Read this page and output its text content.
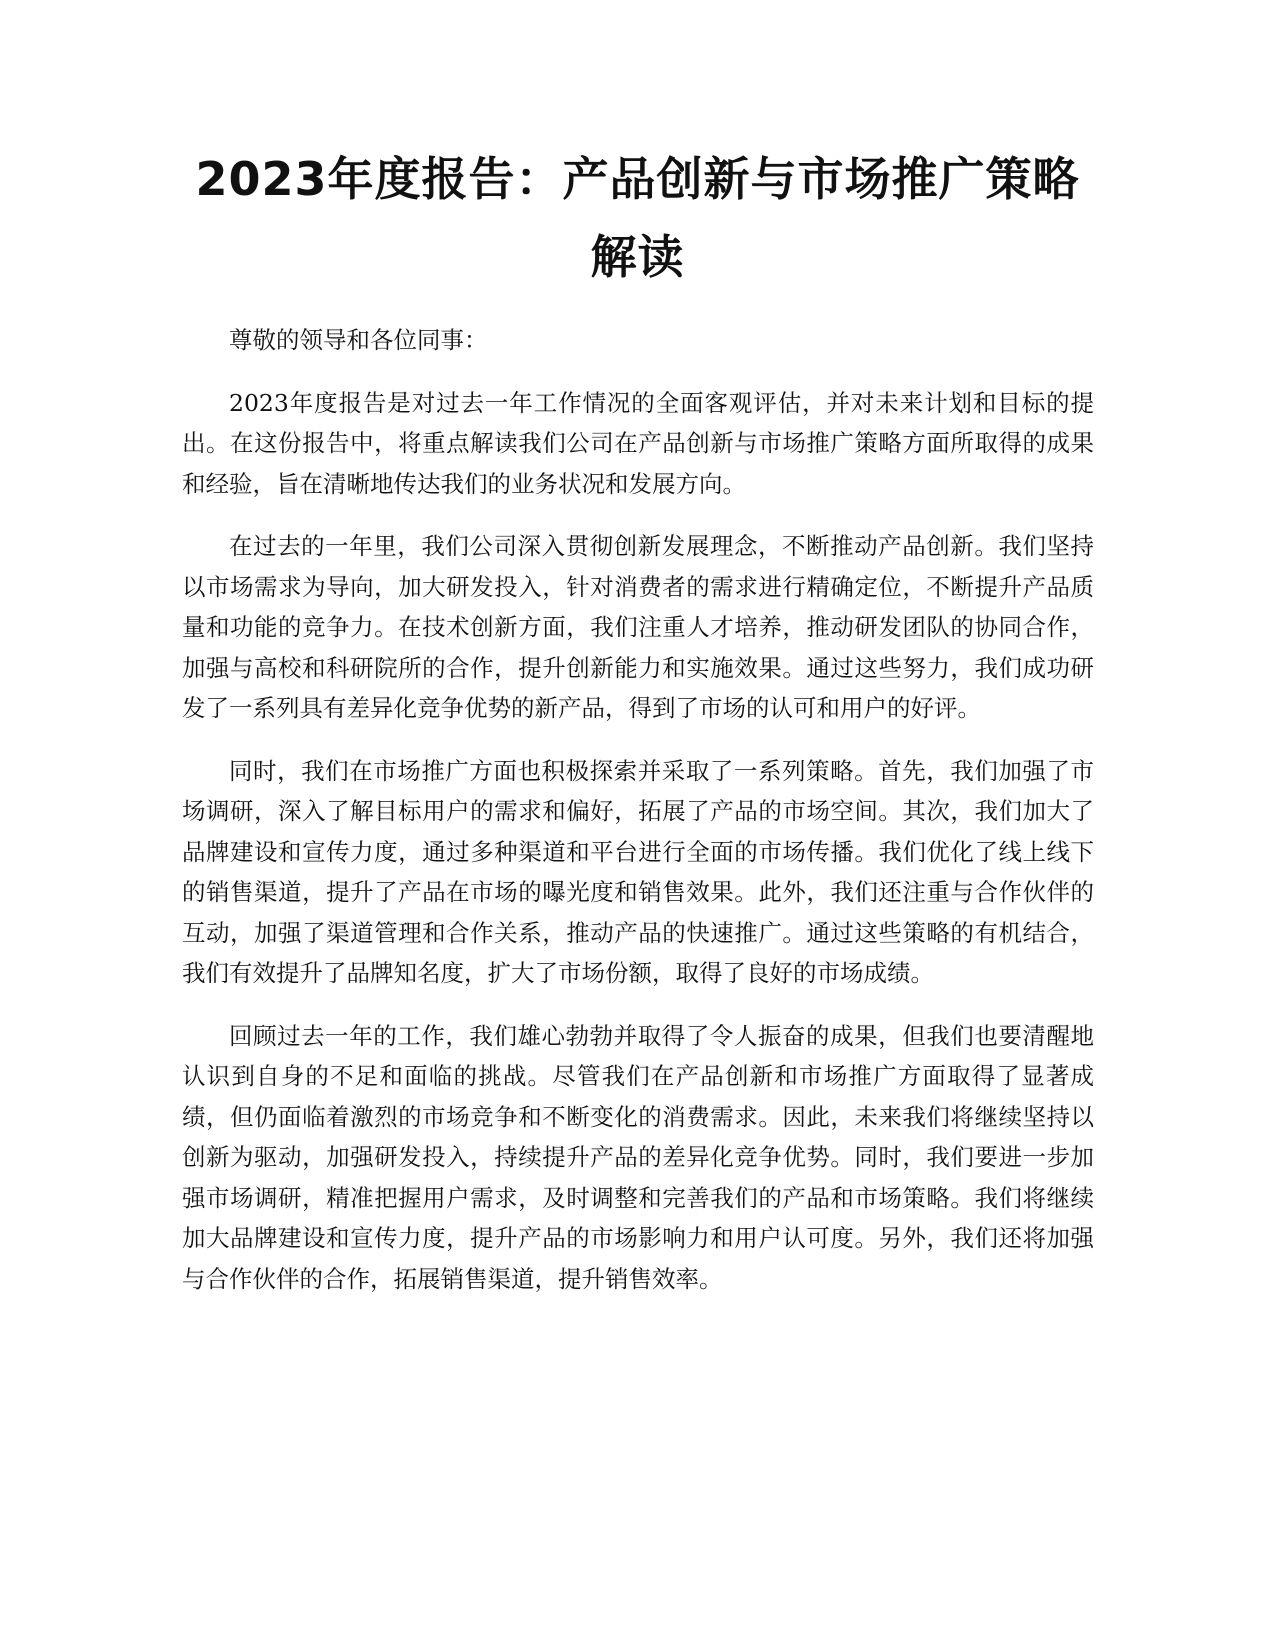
2023年度报告：产品创新与市场推广策略解读

尊敬的领导和各位同事：

2023年度报告是对过去一年工作情况的全面客观评估，并对未来计划和目标的提出。在这份报告中，将重点解读我们公司在产品创新与市场推广策略方面所取得的成果和经验，旨在清晰地传达我们的业务状况和发展方向。

在过去的一年里，我们公司深入贯彻创新发展理念，不断推动产品创新。我们坚持以市场需求为导向，加大研发投入，针对消费者的需求进行精确定位，不断提升产品质量和功能的竞争力。在技术创新方面，我们注重人才培养，推动研发团队的协同合作，加强与高校和科研院所的合作，提升创新能力和实施效果。通过这些努力，我们成功研发了一系列具有差异化竞争优势的新产品，得到了市场的认可和用户的好评。

同时，我们在市场推广方面也积极探索并采取了一系列策略。首先，我们加强了市场调研，深入了解目标用户的需求和偏好，拓展了产品的市场空间。其次，我们加大了品牌建设和宣传力度，通过多种渠道和平台进行全面的市场传播。我们优化了线上线下的销售渠道，提升了产品在市场的曝光度和销售效果。此外，我们还注重与合作伙伴的互动，加强了渠道管理和合作关系，推动产品的快速推广。通过这些策略的有机结合，我们有效提升了品牌知名度，扩大了市场份额，取得了良好的市场成绩。

回顾过去一年的工作，我们雄心勃勃并取得了令人振奋的成果，但我们也要清醒地认识到自身的不足和面临的挑战。尽管我们在产品创新和市场推广方面取得了显著成绩，但仍面临着激烈的市场竞争和不断变化的消费需求。因此，未来我们将继续坚持以创新为驱动，加强研发投入，持续提升产品的差异化竞争优势。同时，我们要进一步加强市场调研，精准把握用户需求，及时调整和完善我们的产品和市场策略。我们将继续加大品牌建设和宣传力度，提升产品的市场影响力和用户认可度。另外，我们还将加强与合作伙伴的合作，拓展销售渠道，提升销售效率。
